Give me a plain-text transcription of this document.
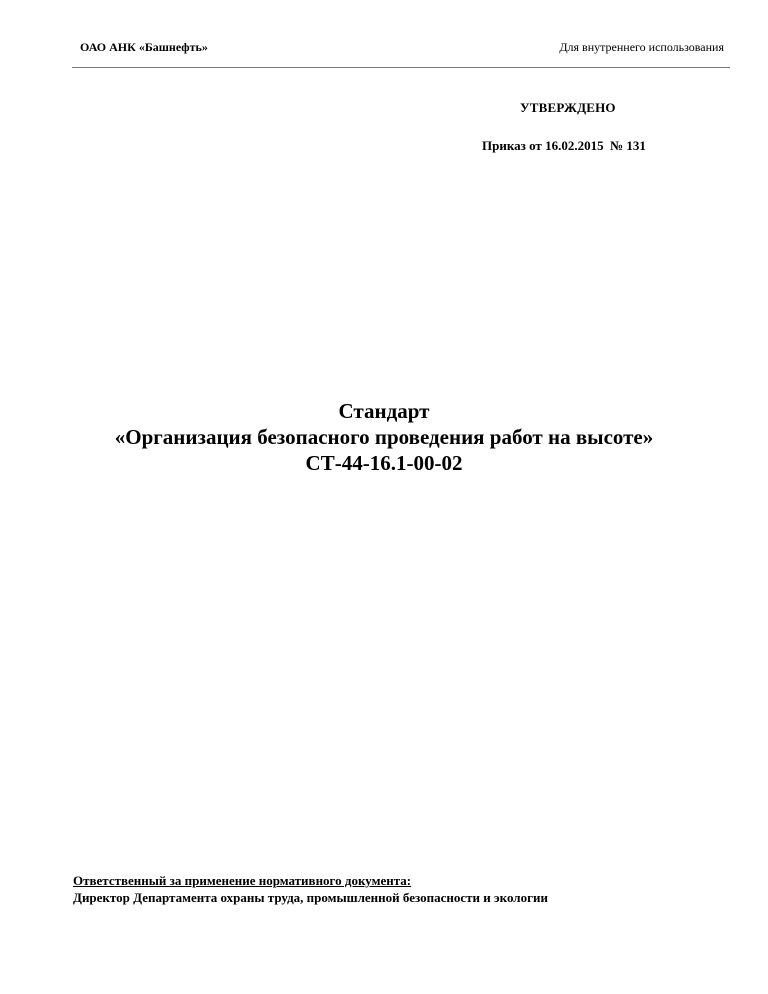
ОАО АНК «Башнефть»	Для внутреннего использования
УТВЕРЖДЕНО
Приказ от 16.02.2015  № 131
Стандарт
«Организация безопасного проведения работ на высоте»
СТ-44-16.1-00-02
Ответственный за применение нормативного документа:
Директор Департамента охраны труда, промышленной безопасности и экологии
